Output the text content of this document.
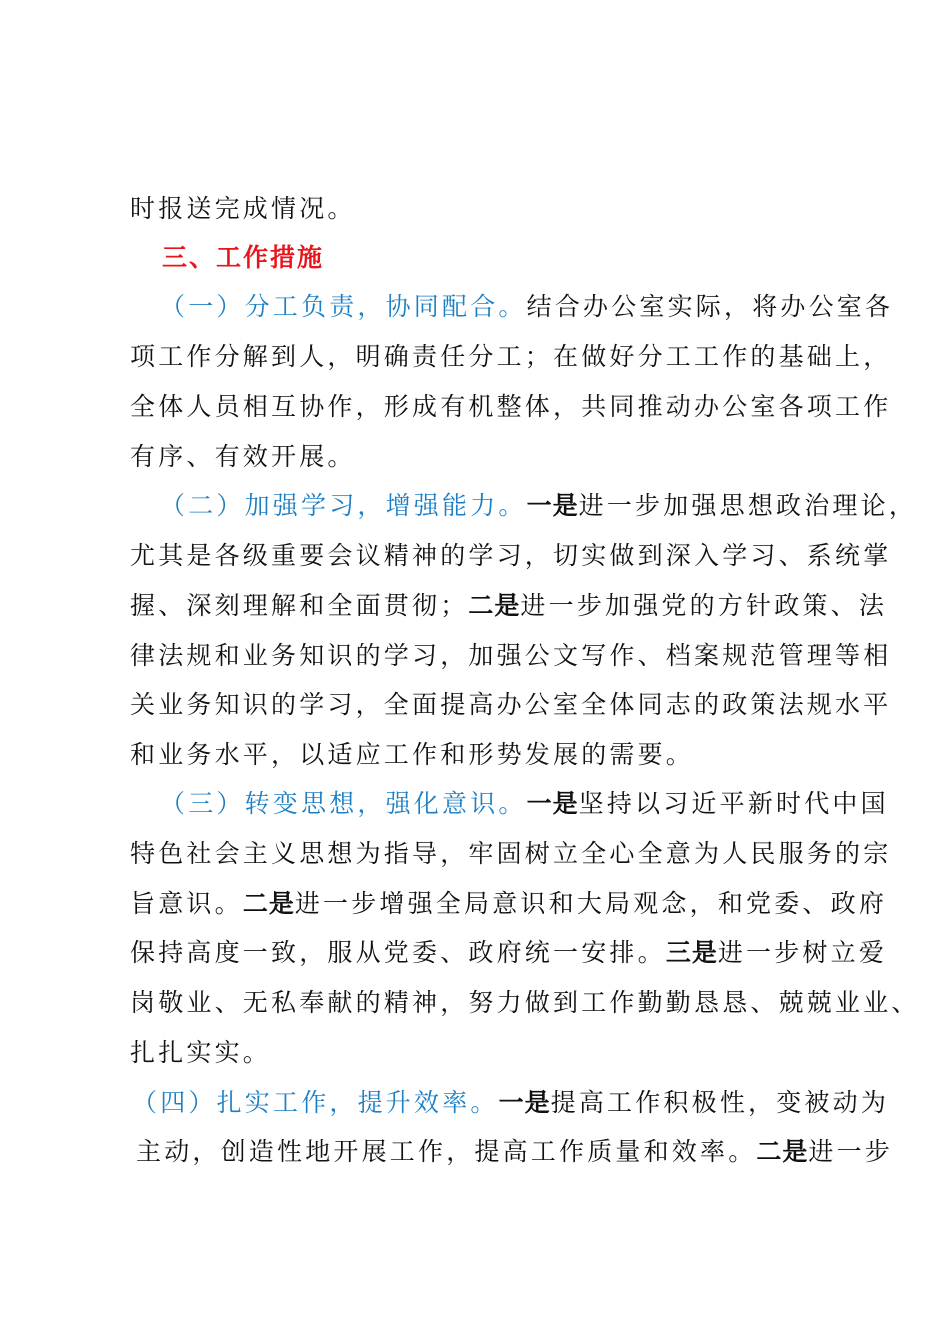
时报送完成情况。
三、工作措施
（一）分工负责，协同配合。结合办公室实际，将办公室各
项工作分解到人，明确责任分工；在做好分工工作的基础上，
全体人员相互协作，形成有机整体，共同推动办公室各项工作
有序、有效开展。
（二）加强学习，增强能力。一是进一步加强思想政治理论，
尤其是各级重要会议精神的学习，切实做到深入学习、系统掌
握、深刻理解和全面贯彻；二是进一步加强党的方针政策、法
律法规和业务知识的学习，加强公文写作、档案规范管理等相
关业务知识的学习，全面提高办公室全体同志的政策法规水平
和业务水平，以适应工作和形势发展的需要。
（三）转变思想，强化意识。一是坚持以习近平新时代中国
特色社会主义思想为指导，牢固树立全心全意为人民服务的宗
旨意识。二是进一步增强全局意识和大局观念，和党委、政府
保持高度一致，服从党委、政府统一安排。三是进一步树立爱
岗敬业、无私奉献的精神，努力做到工作勤勤恳恳、兢兢业业、
扎扎实实。
（四）扎实工作，提升效率。一是提高工作积极性，变被动为
主动，创造性地开展工作，提高工作质量和效率。二是进一步
